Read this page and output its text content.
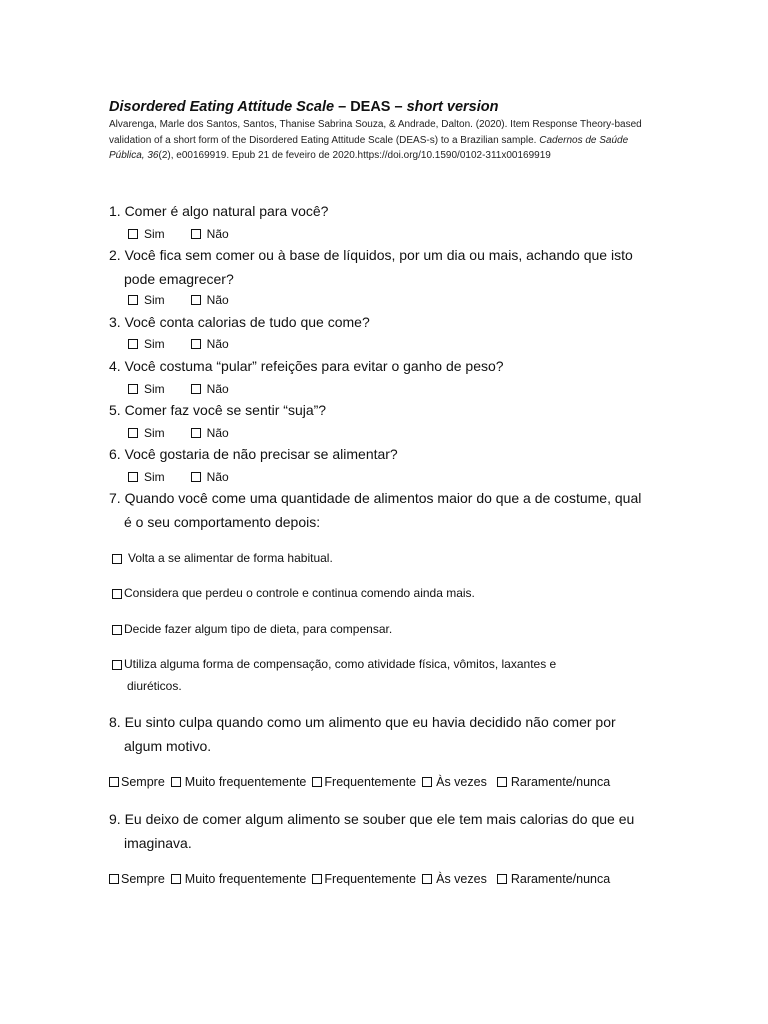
Disordered Eating Attitude Scale – DEAS – short version
Alvarenga, Marle dos Santos, Santos, Thanise Sabrina Souza, & Andrade, Dalton. (2020). Item Response Theory-based validation of a short form of the Disordered Eating Attitude Scale (DEAS-s) to a Brazilian sample. Cadernos de Saúde Pública, 36(2), e00169919. Epub 21 de feveiro de 2020.https://doi.org/10.1590/0102-311x00169919
1. Comer é algo natural para você?
Sim	Não
2. Você fica sem comer ou à base de líquidos, por um dia ou mais, achando que isto
pode emagrecer?
Sim	Não
3. Você conta calorias de tudo que come?
Sim	Não
4. Você costuma “pular” refeições para evitar o ganho de peso?
Sim	Não
5. Comer faz você se sentir “suja”?
Sim	Não
6. Você gostaria de não precisar se alimentar?
Sim	Não
7. Quando você come uma quantidade de alimentos maior do que a de costume, qual
é o seu comportamento depois:
Volta a se alimentar de forma habitual.
Considera que perdeu o controle e continua comendo ainda mais.
Decide fazer algum tipo de dieta, para compensar.
Utiliza alguma forma de compensação, como atividade física, vômitos, laxantes e
diuréticos.
8. Eu sinto culpa quando como um alimento que eu havia decidido não comer por
algum motivo.
Sempre Muito frequentemente Frequentemente Às vezes Raramente/nunca
9. Eu deixo de comer algum alimento se souber que ele tem mais calorias do que eu
imaginava.
Sempre Muito frequentemente Frequentemente Às vezes Raramente/nunca
